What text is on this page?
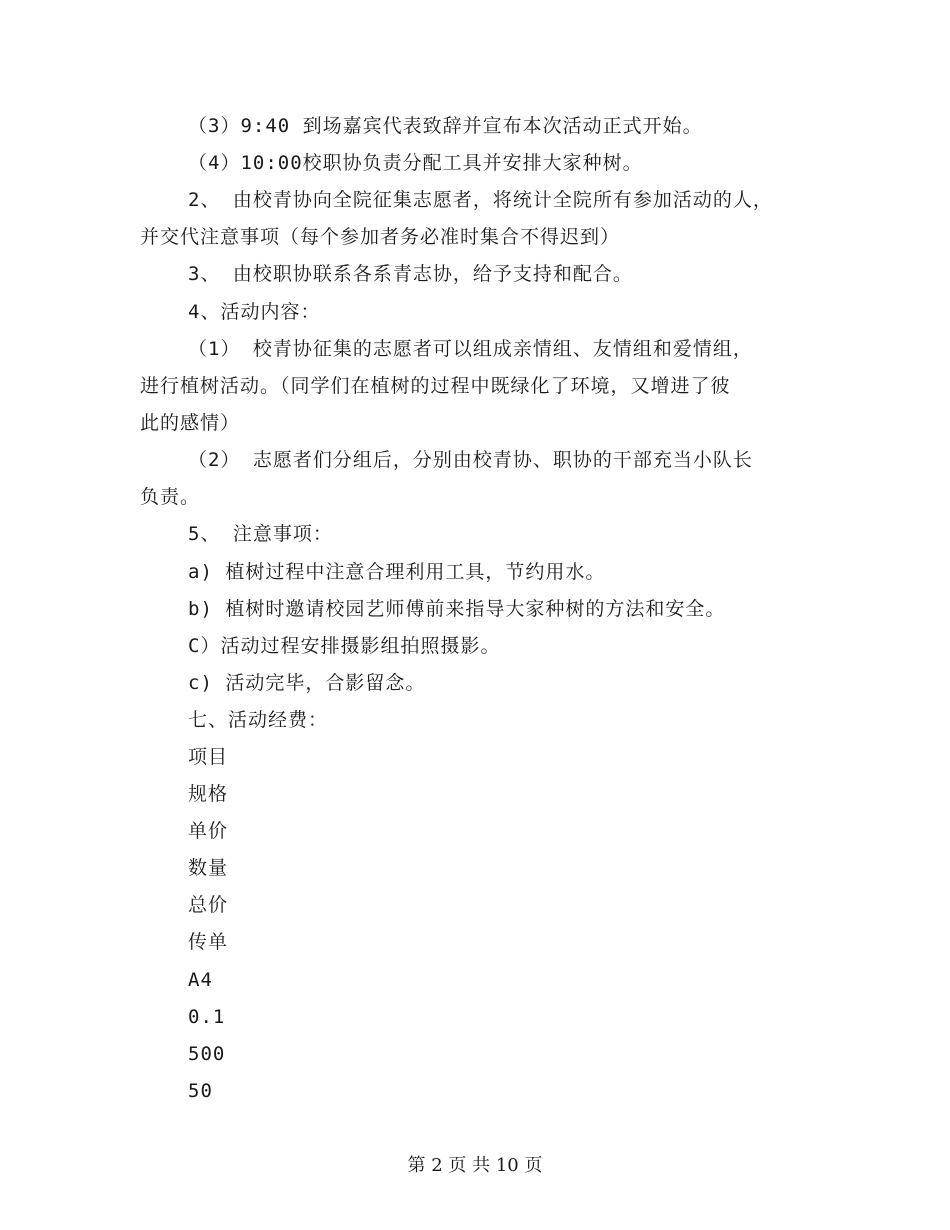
（3）9:40 到场嘉宾代表致辞并宣布本次活动正式开始。
（4）10:00校职协负责分配工具并安排大家种树。
2、 由校青协向全院征集志愿者，将统计全院所有参加活动的人，
并交代注意事项（每个参加者务必准时集合不得迟到）
3、 由校职协联系各系青志协，给予支持和配合。
4、活动内容：
（1） 校青协征集的志愿者可以组成亲情组、友情组和爱情组，
进行植树活动。（同学们在植树的过程中既绿化了环境，又增进了彼
此的感情）
（2） 志愿者们分组后，分别由校青协、职协的干部充当小队长
负责。
5、 注意事项：
a) 植树过程中注意合理利用工具，节约用水。
b) 植树时邀请校园艺师傅前来指导大家种树的方法和安全。
C）活动过程安排摄影组拍照摄影。
c) 活动完毕，合影留念。
七、活动经费：
项目
规格
单价
数量
总价
传单
A4
0.1
500
50
第 2 页 共 10 页
